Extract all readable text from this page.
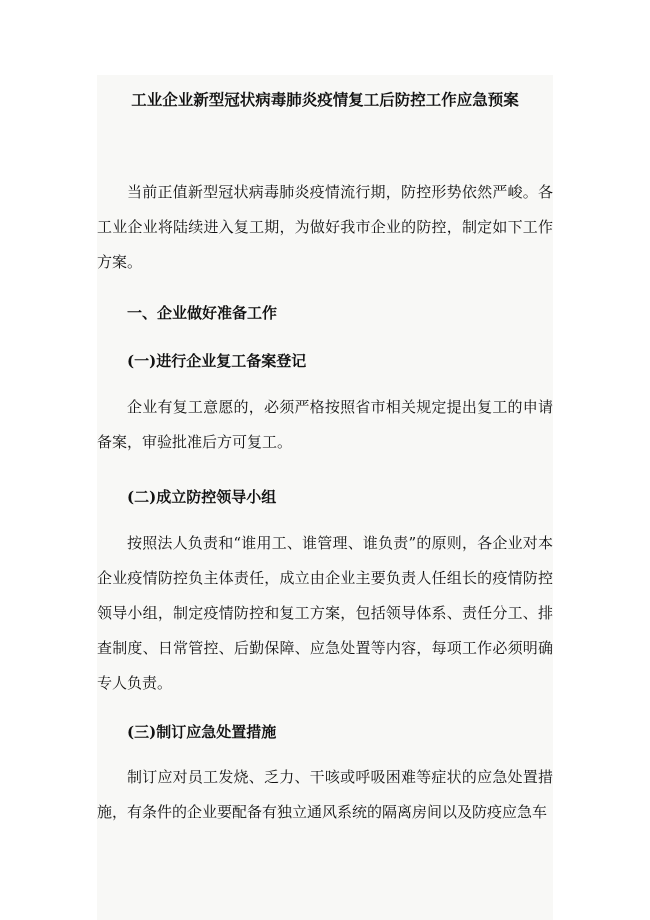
工业企业新型冠状病毒肺炎疫情复工后防控工作应急预案

当前正值新型冠状病毒肺炎疫情流行期，防控形势依然严峻。各工业企业将陆续进入复工期，为做好我市企业的防控，制定如下工作方案。

一、企业做好准备工作

(一)进行企业复工备案登记

企业有复工意愿的，必须严格按照省市相关规定提出复工的申请备案，审验批准后方可复工。

(二)成立防控领导小组

按照法人负责和“谁用工、谁管理、谁负责”的原则，各企业对本企业疫情防控负主体责任，成立由企业主要负责人任组长的疫情防控领导小组，制定疫情防控和复工方案，包括领导体系、责任分工、排查制度、日常管控、后勤保障、应急处置等内容，每项工作必须明确专人负责。

(三)制订应急处置措施

制订应对员工发烧、乏力、干咳或呼吸困难等症状的应急处置措施，有条件的企业要配备有独立通风系统的隔离房间以及防疫应急车
